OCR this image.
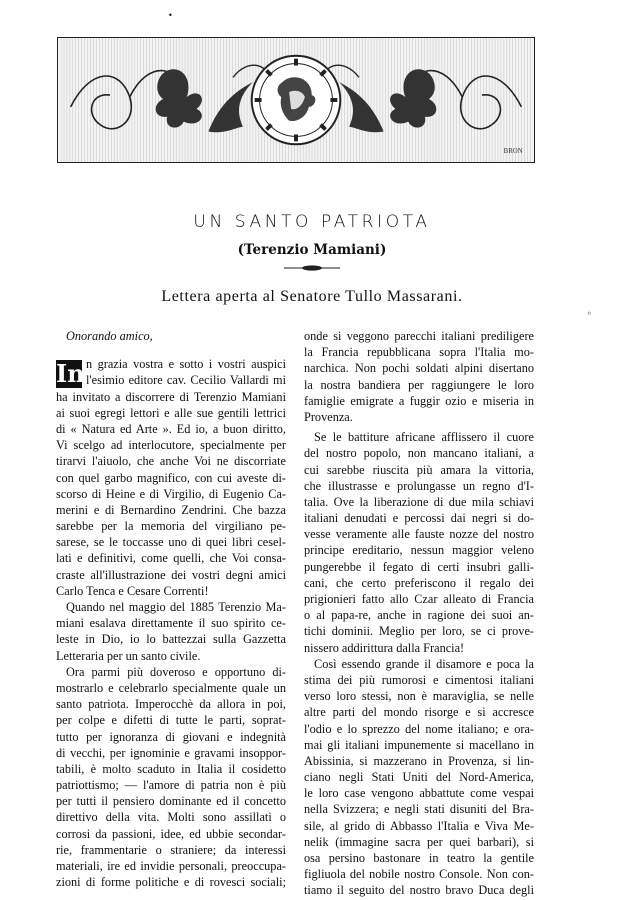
•
BRON
UN SANTO PATRIOTA
(Terenzio Mamiani)
Lettera aperta al Senatore Tullo Massarani.
⸰
Onorando amico,
In n grazia vostra e sotto i vostri auspici
l'esimio editore cav. Cecilio Vallardi mi
ha invitato a discorrere di Terenzio Mamiani
ai suoi egregi lettori e alle sue gentili lettrici
di « Natura ed Arte ». Ed io, a buon diritto,
Vi scelgo ad interlocutore, specialmente per
tirarvi l'aiuolo, che anche Voi ne discorriate
con quel garbo magnifico, con cui aveste di-
scorso di Heine e di Virgilio, di Eugenio Ca-
merini e di Bernardino Zendrini. Che bazza
sarebbe per la memoria del virgiliano pe-
sarese, se le toccasse uno di quei libri cesel-
lati e definitivi, come quelli, che Voi consa-
craste all'illustrazione dei vostri degni amici
Carlo Tenca e Cesare Correnti!
Quando nel maggio del 1885 Terenzio Ma-
miani esalava direttamente il suo spirito ce-
leste in Dio, io lo battezzai sulla Gazzetta
Letteraria per un santo civile.
Ora parmi più doveroso e opportuno di-
mostrarlo e celebrarlo specialmente quale un
santo patriota. Imperocchè da allora in poi,
per colpe e difetti di tutte le parti, soprat-
tutto per ignoranza di giovani e indegnità
di vecchi, per ignominie e gravami insoppor-
tabili, è molto scaduto in Italia il cosidetto
patriottismo; — l'amore di patria non è più
per tutti il pensiero dominante ed il concetto
direttivo della vita. Molti sono assillati o
corrosi da passioni, idee, ed ubbie secondar-
rie, frammentarie o straniere; da interessi
materiali, ire ed invidie personali, preoccupa-
zioni di forme politiche e di rovesci sociali;
onde si veggono parecchi italiani prediligere
la Francia repubblicana sopra l'Italia mo-
narchica. Non pochi soldati alpini disertano
la nostra bandiera per raggiungere le loro
famiglie emigrate a fuggir ozio e miseria in
Provenza.
Se le battiture africane afflissero il cuore
del nostro popolo, non mancano italiani, a
cui sarebbe riuscita più amara la vittoria,
che illustrasse e prolungasse un regno d'I-
talia. Ove la liberazione di due mila schiavi
italiani denudati e percossi dai negri si do-
vesse veramente alle fauste nozze del nostro
principe ereditario, nessun maggior veleno
pungerebbe il fegato di certi insubri galli-
cani, che certo preferiscono il regalo dei
prigionieri fatto allo Czar alleato di Francia
o al papa-re, anche in ragione dei suoi an-
tichi dominii. Meglio per loro, se ci prove-
nissero addirittura dalla Francia!
Così essendo grande il disamore e poca la
stima dei più rumorosi e cimentosi italiani
verso loro stessi, non è maraviglia, se nelle
altre parti del mondo risorge e si accresce
l'odio e lo sprezzo del nome italiano; e ora-
mai gli italiani impunemente si macellano in
Abissinia, si mazzerano in Provenza, si lin-
ciano negli Stati Uniti del Nord-America,
le loro case vengono abbattute come vespai
nella Svizzera; e negli stati disuniti del Bra-
sile, al grido di Abbasso l'Italia e Viva Me-
nelik (immagine sacra per quei barbari), si
osa persino bastonare in teatro la gentile
figliuola del nobile nostro Console. Non con-
tiamo il seguito del nostro bravo Duca degli
